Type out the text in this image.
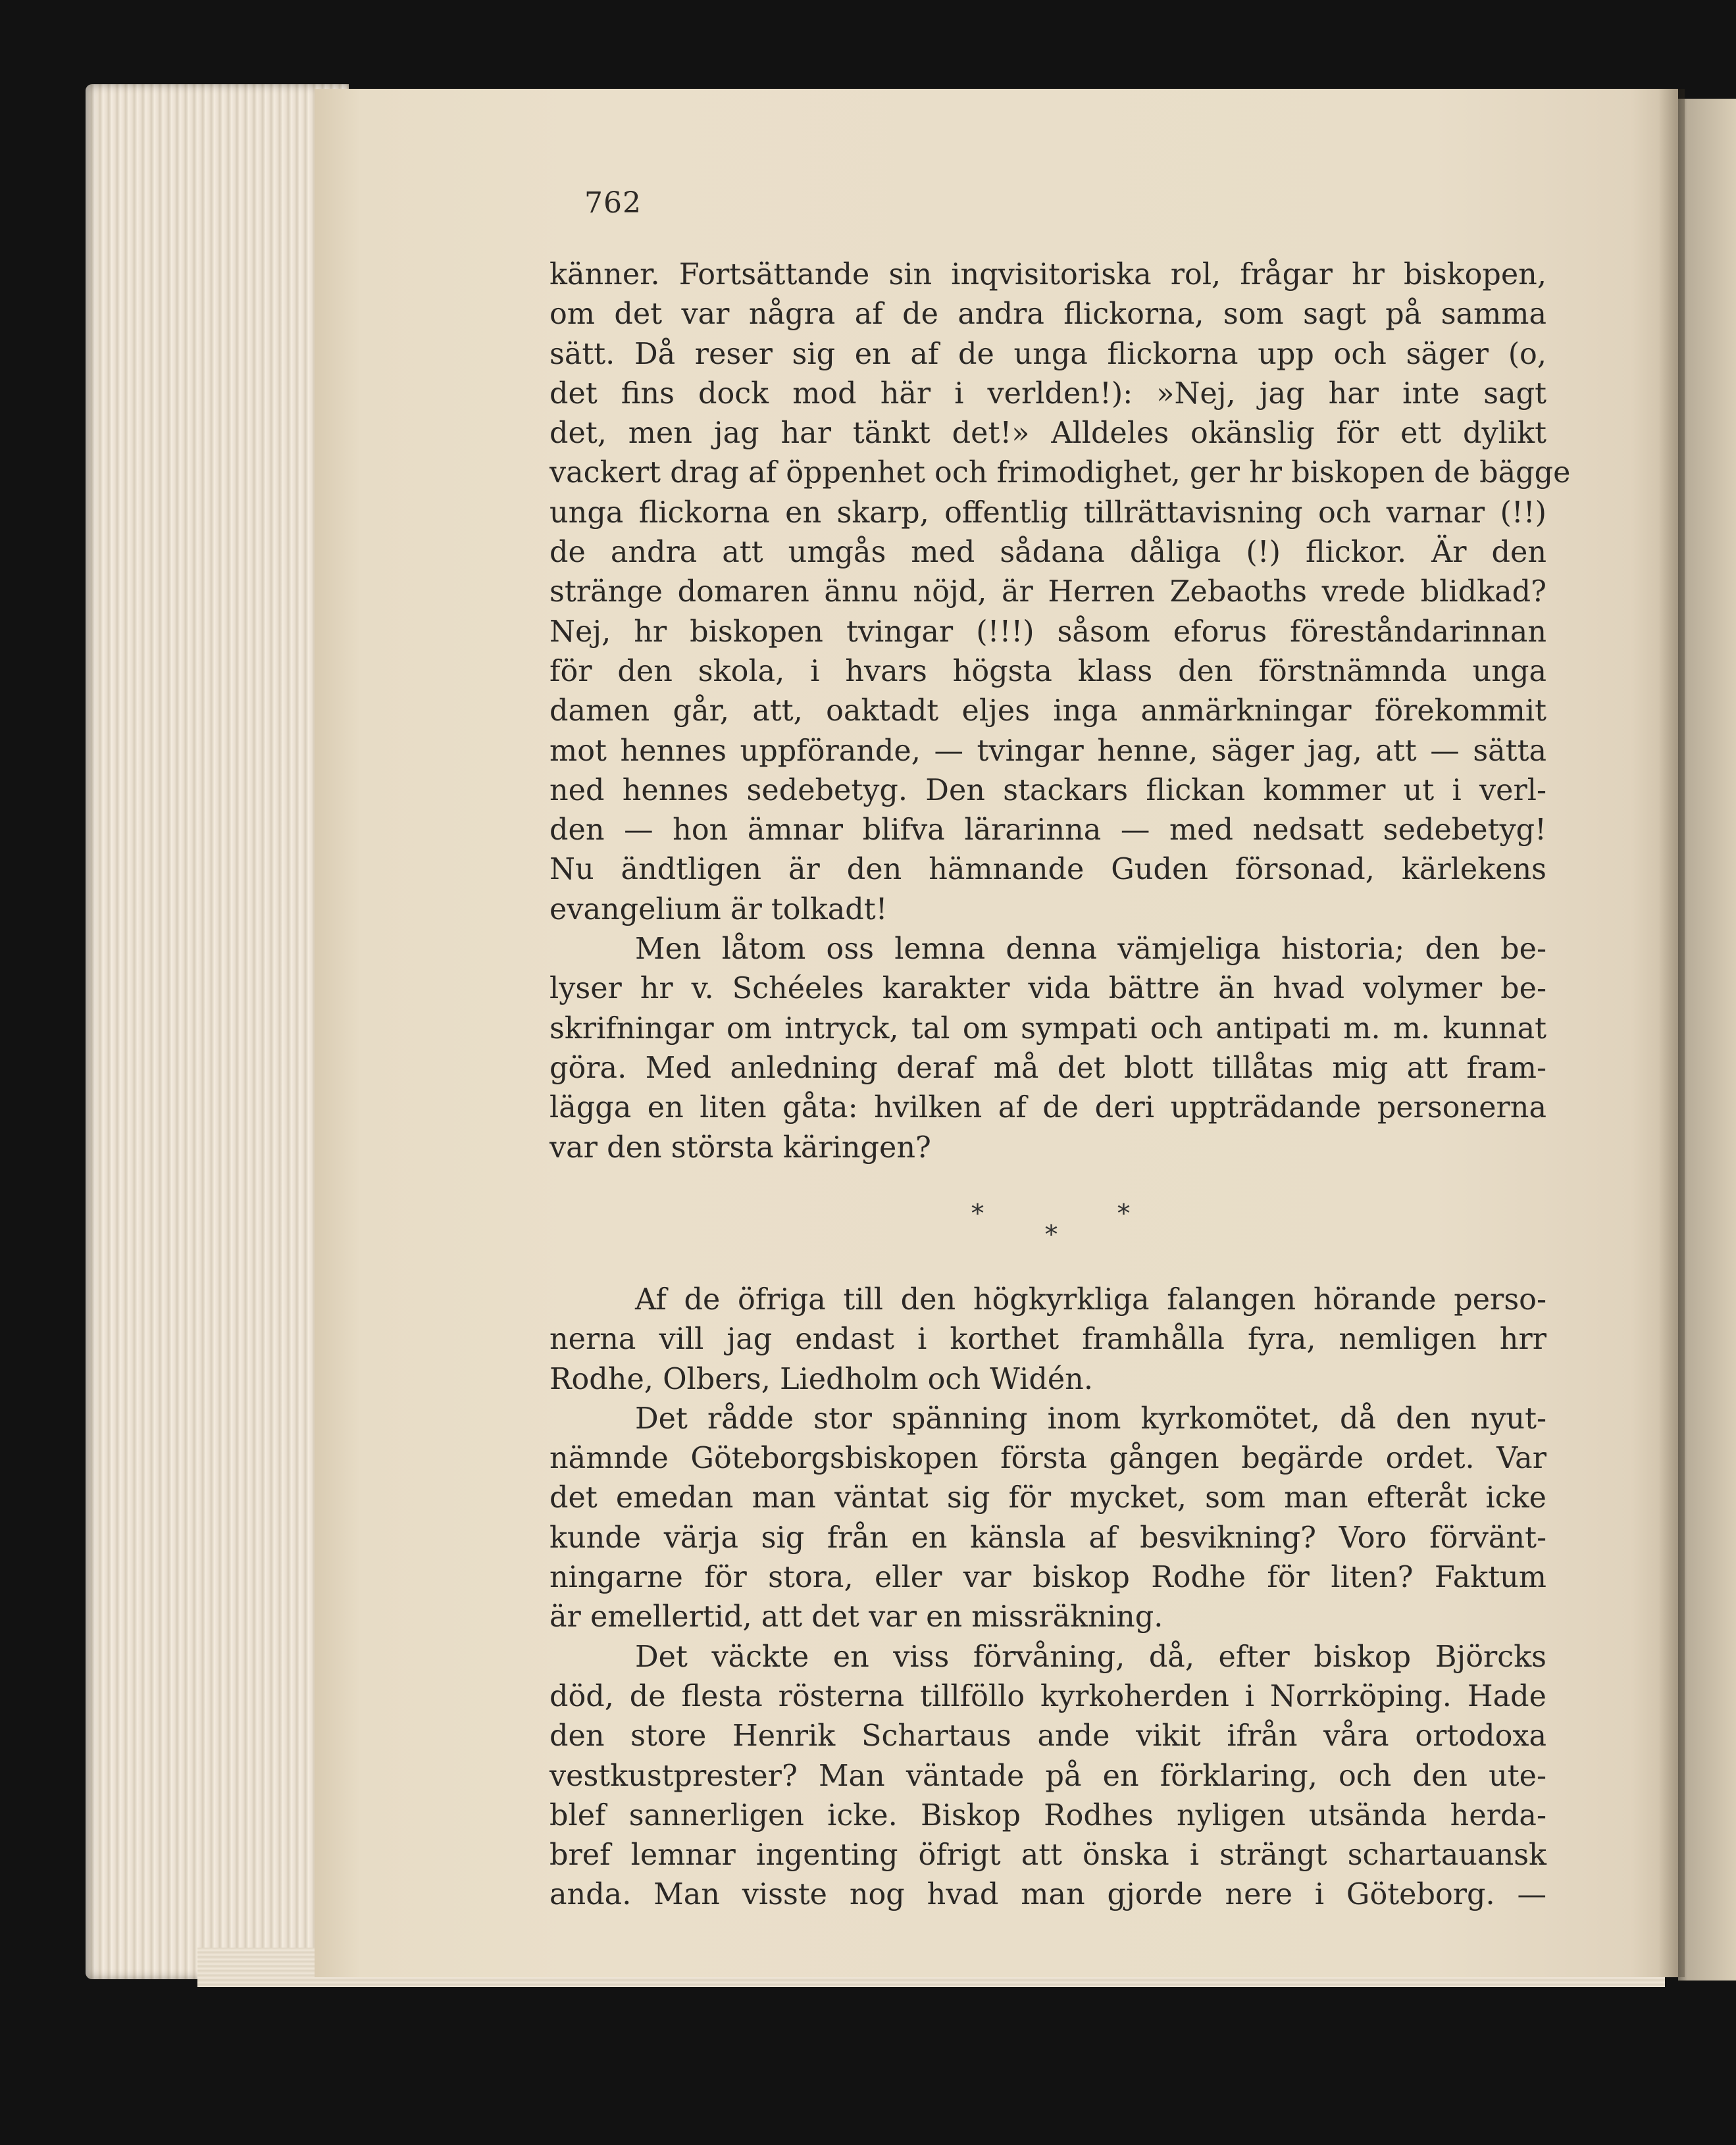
762
känner. Fortsättande sin inqvisitoriska rol, frågar hr biskopen,
om det var några af de andra flickorna, som sagt på samma
sätt. Då reser sig en af de unga flickorna upp och säger (o,
det fins dock mod här i verlden!): »Nej, jag har inte sagt
det, men jag har tänkt det!» Alldeles okänslig för ett dylikt
vackert drag af öppenhet och frimodighet, ger hr biskopen de bägge
unga flickorna en skarp, offentlig tillrättavisning och varnar (!!)
de andra att umgås med sådana dåliga (!) flickor. Är den
stränge domaren ännu nöjd, är Herren Zebaoths vrede blidkad?
Nej, hr biskopen tvingar (!!!) såsom eforus föreståndarinnan
för den skola, i hvars högsta klass den förstnämnda unga
damen går, att, oaktadt eljes inga anmärkningar förekommit
mot hennes uppförande, — tvingar henne, säger jag, att — sätta
ned hennes sedebetyg. Den stackars flickan kommer ut i verl-
den — hon ämnar blifva lärarinna — med nedsatt sedebetyg!
Nu ändtligen är den hämnande Guden försonad, kärlekens
evangelium är tolkadt!
Men låtom oss lemna denna vämjeliga historia; den be-
lyser hr v. Schéeles karakter vida bättre än hvad volymer be-
skrifningar om intryck, tal om sympati och antipati m. m. kunnat
göra. Med anledning deraf må det blott tillåtas mig att fram-
lägga en liten gåta: hvilken af de deri uppträdande personerna
var den största käringen?
*	*
*
Af de öfriga till den högkyrkliga falangen hörande perso-
nerna vill jag endast i korthet framhålla fyra, nemligen hrr
Rodhe, Olbers, Liedholm och Widén.
Det rådde stor spänning inom kyrkomötet, då den nyut-
nämnde Göteborgsbiskopen första gången begärde ordet. Var
det emedan man väntat sig för mycket, som man efteråt icke
kunde värja sig från en känsla af besvikning? Voro förvänt-
ningarne för stora, eller var biskop Rodhe för liten? Faktum
är emellertid, att det var en missräkning.
Det väckte en viss förvåning, då, efter biskop Björcks
död, de flesta rösterna tillföllo kyrkoherden i Norrköping. Hade
den store Henrik Schartaus ande vikit ifrån våra ortodoxa
vestkustprester? Man väntade på en förklaring, och den ute-
blef sannerligen icke. Biskop Rodhes nyligen utsända herda-
bref lemnar ingenting öfrigt att önska i strängt schartauansk
anda. Man visste nog hvad man gjorde nere i Göteborg. —
